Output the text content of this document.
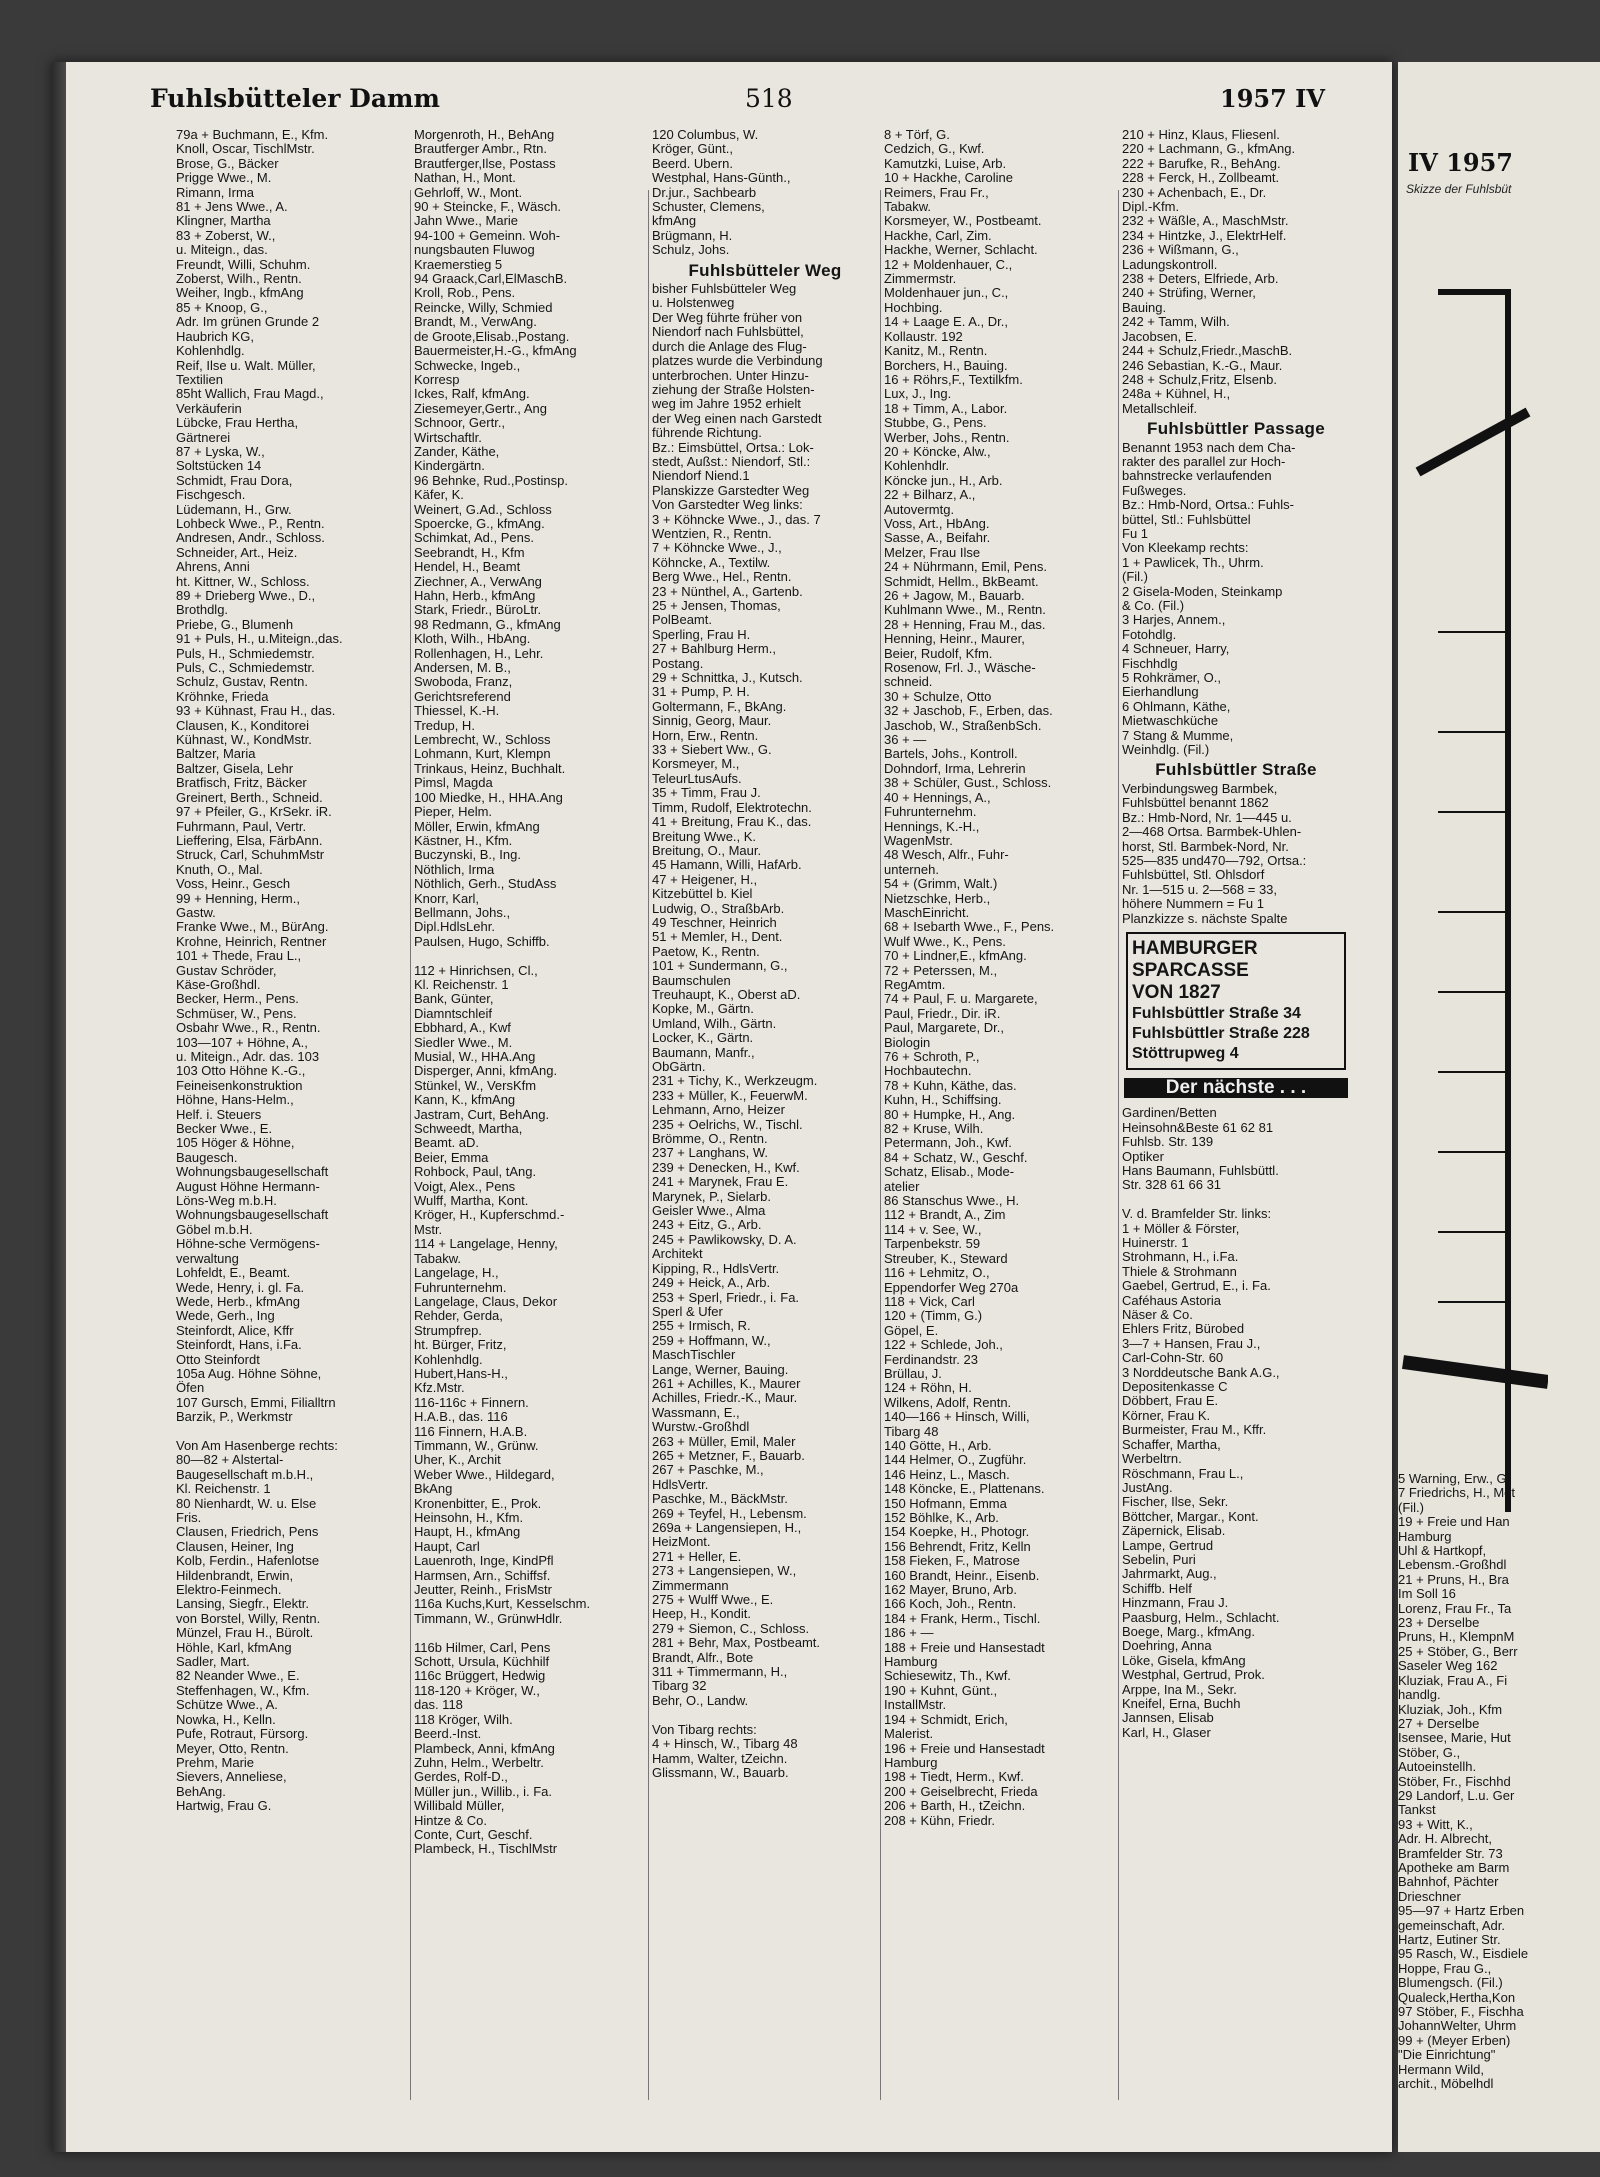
Fuhlsbütteler Damm	518	1957 IV

79a + Buchmann, E., Kfm.

Knoll, Oscar, TischlMstr.

Brose, G., Bäcker

Prigge Wwe., M.

Rimann, Irma

81 + Jens Wwe., A.

Klingner, Martha

83 + Zoberst, W.,

u. Miteign., das.

Freundt, Willi, Schuhm.

Zoberst, Wilh., Rentn.

Weiher, Ingb., kfmAng

85 + Knoop, G.,

Adr. Im grünen Grunde 2

Haubrich KG,

Kohlenhdlg.

Reif, Ilse u. Walt. Müller,

Textilien

85ht Wallich, Frau Magd.,

Verkäuferin

Lübcke, Frau Hertha,

Gärtnerei

87 + Lyska, W.,

Soltstücken 14

Schmidt, Frau Dora,

Fischgesch.

Lüdemann, H., Grw.

Lohbeck Wwe., P., Rentn.

Andresen, Andr., Schloss.

Schneider, Art., Heiz.

Ahrens, Anni

ht. Kittner, W., Schloss.

89 + Drieberg Wwe., D.,

Brothdlg.

Priebe, G., Blumenh

91 + Puls, H., u.Miteign.,das.

Puls, H., Schmiedemstr.

Puls, C., Schmiedemstr.

Schulz, Gustav, Rentn.

Kröhnke, Frieda

93 + Kühnast, Frau H., das.

Clausen, K., Konditorei

Kühnast, W., KondMstr.

Baltzer, Maria

Baltzer, Gisela, Lehr

Bratfisch, Fritz, Bäcker

Greinert, Berth., Schneid.

97 + Pfeiler, G., KrSekr. iR.

Fuhrmann, Paul, Vertr.

Lieffering, Elsa, FärbAnn.

Struck, Carl, SchuhmMstr

Knuth, O., Mal.

Voss, Heinr., Gesch

99 + Henning, Herm.,

Gastw.

Franke Wwe., M., BürAng.

Krohne, Heinrich, Rentner

101 + Thede, Frau L.,

Gustav Schröder,

Käse-Großhdl.

Becker, Herm., Pens.

Schmüser, W., Pens.

Osbahr Wwe., R., Rentn.

103—107 + Höhne, A.,

u. Miteign., Adr. das. 103

103 Otto Höhne K.-G.,

Feineisenkonstruktion

Höhne, Hans-Helm.,

Helf. i. Steuers

Becker Wwe., E.

105 Höger & Höhne,

Baugesch.

Wohnungsbaugesellschaft

August Höhne Hermann-

Löns-Weg m.b.H.

Wohnungsbaugesellschaft

Göbel m.b.H.

Höhne-sche Vermögens-

verwaltung

Lohfeldt, E., Beamt.

Wede, Henry, i. gl. Fa.

Wede, Herb., kfmAng

Wede, Gerh., Ing

Steinfordt, Alice, Kffr

Steinfordt, Hans, i.Fa.

Otto Steinfordt

105a Aug. Höhne Söhne,

Öfen

107 Gursch, Emmi, Filialltrn

Barzik, P., Werkmstr

Von Am Hasenberge rechts:

80—82 + Alstertal-

Baugesellschaft m.b.H.,

Kl. Reichenstr. 1

80 Nienhardt, W. u. Else

Fris.

Clausen, Friedrich, Pens

Clausen, Heiner, Ing

Kolb, Ferdin., Hafenlotse

Hildenbrandt, Erwin,

Elektro-Feinmech.

Lansing, Siegfr., Elektr.

von Borstel, Willy, Rentn.

Münzel, Frau H., Bürolt.

Höhle, Karl, kfmAng

Sadler, Mart.

82 Neander Wwe., E.

Steffenhagen, W., Kfm.

Schütze Wwe., A.

Nowka, H., Kelln.

Pufe, Rotraut, Fürsorg.

Meyer, Otto, Rentn.

Prehm, Marie

Sievers, Anneliese,

BehAng.

Hartwig, Frau G.

Morgenroth, H., BehAng

Brautferger Ambr., Rtn.

Brautferger,Ilse, Postass

Nathan, H., Mont.

Gehrloff, W., Mont.

90 + Steincke, F., Wäsch.

Jahn Wwe., Marie

94-100 + Gemeinn. Woh-

nungsbauten Fluwog

Kraemerstieg 5

94 Graack,Carl,ElMaschB.

Kroll, Rob., Pens.

Reincke, Willy, Schmied

Brandt, M., VerwAng.

de Groote,Elisab.,Postang.

Bauermeister,H.-G., kfmAng

Schwecke, Ingeb.,

Korresp

Ickes, Ralf, kfmAng.

Ziesemeyer,Gertr., Ang

Schnoor, Gertr.,

Wirtschaftlr.

Zander, Käthe,

Kindergärtn.

96 Behnke, Rud.,Postinsp.

Käfer, K.

Weinert, G.Ad., Schloss

Spoercke, G., kfmAng.

Schimkat, Ad., Pens.

Seebrandt, H., Kfm

Hendel, H., Beamt

Ziechner, A., VerwAng

Hahn, Herb., kfmAng

Stark, Friedr., BüroLtr.

98 Redmann, G., kfmAng

Kloth, Wilh., HbAng.

Rollenhagen, H., Lehr.

Andersen, M. B.,

Swoboda, Franz,

Gerichtsreferend

Thiessel, K.-H.

Tredup, H.

Lembrecht, W., Schloss

Lohmann, Kurt, Klempn

Trinkaus, Heinz, Buchhalt.

Pimsl, Magda

100 Miedke, H., HHA.Ang

Pieper, Helm.

Möller, Erwin, kfmAng

Kästner, H., Kfm.

Buczynski, B., Ing.

Nöthlich, Irma

Nöthlich, Gerh., StudAss

Knorr, Karl,

Bellmann, Johs.,

Dipl.HdlsLehr.

Paulsen, Hugo, Schiffb.

112 + Hinrichsen, Cl.,

Kl. Reichenstr. 1

Bank, Günter,

Diamntschleif

Ebbhard, A., Kwf

Siedler Wwe., M.

Musial, W., HHA.Ang

Disperger, Anni, kfmAng.

Stünkel, W., VersKfm

Kann, K., kfmAng

Jastram, Curt, BehAng.

Schweedt, Martha,

Beamt. aD.

Beier, Emma

Rohbock, Paul, tAng.

Voigt, Alex., Pens

Wulff, Martha, Kont.

Kröger, H., Kupferschmd.-

Mstr.

114 + Langelage, Henny,

Tabakw.

Langelage, H.,

Fuhrunternehm.

Langelage, Claus, Dekor

Rehder, Gerda,

Strumpfrep.

ht. Bürger, Fritz,

Kohlenhdlg.

Hubert,Hans-H.,

Kfz.Mstr.

116-116c + Finnern.

H.A.B., das. 116

116 Finnern, H.A.B.

Timmann, W., Grünw.

Uher, K., Archit

Weber Wwe., Hildegard,

BkAng

Kronenbitter, E., Prok.

Heinsohn, H., Kfm.

Haupt, H., kfmAng

Haupt, Carl

Lauenroth, Inge, KindPfl

Harmsen, Arn., Schiffsf.

Jeutter, Reinh., FrisMstr

116a Kuchs,Kurt, Kesselschm.

Timmann, W., GrünwHdlr.

116b Hilmer, Carl, Pens

Schott, Ursula, Küchhilf

116c Brüggert, Hedwig

118-120 + Kröger, W.,

das. 118

118 Kröger, Wilh.

Beerd.-Inst.

Plambeck, Anni, kfmAng

Zuhn, Helm., Werbeltr.

Gerdes, Rolf-D.,

Müller jun., Willib., i. Fa.

Willibald Müller,

Hintze & Co.

Conte, Curt, Geschf.

Plambeck, H., TischlMstr

120 Columbus, W.

Kröger, Günt.,

Beerd. Ubern.

Westphal, Hans-Günth.,

Dr.jur., Sachbearb

Schuster, Clemens,

kfmAng

Brügmann, H.

Schulz, Johs.

Fuhlsbütteler Weg

bisher Fuhlsbütteler Weg

u. Holstenweg

Der Weg führte früher von

Niendorf nach Fuhlsbüttel,

durch die Anlage des Flug-

platzes wurde die Verbindung

unterbrochen. Unter Hinzu-

ziehung der Straße Holsten-

weg im Jahre 1952 erhielt

der Weg einen nach Garstedt

führende Richtung.

Bz.: Eimsbüttel, Ortsa.: Lok-

stedt, Außst.: Niendorf, Stl.:

Niendorf Niend.1

Planskizze Garstedter Weg

Von Garstedter Weg links:

3 + Köhncke Wwe., J., das. 7

Wentzien, R., Rentn.

7 + Köhncke Wwe., J.,

Köhncke, A., Textilw.

Berg Wwe., Hel., Rentn.

23 + Nünthel, A., Gartenb.

25 + Jensen, Thomas,

PolBeamt.

Sperling, Frau H.

27 + Bahlburg Herm.,

Postang.

29 + Schnittka, J., Kutsch.

31 + Pump, P. H.

Goltermann, F., BkAng.

Sinnig, Georg, Maur.

Horn, Erw., Rentn.

33 + Siebert Ww., G.

Korsmeyer, M.,

TeleurLtusAufs.

35 + Timm, Frau J.

Timm, Rudolf, Elektrotechn.

41 + Breitung, Frau K., das.

Breitung Wwe., K.

Breitung, O., Maur.

45 Hamann, Willi, HafArb.

47 + Heigener, H.,

Kitzebüttel b. Kiel

Ludwig, O., StraßbArb.

49 Teschner, Heinrich

51 + Memler, H., Dent.

Paetow, K., Rentn.

101 + Sundermann, G.,

Baumschulen

Treuhaupt, K., Oberst aD.

Kopke, M., Gärtn.

Umland, Wilh., Gärtn.

Locker, K., Gärtn.

Baumann, Manfr.,

ObGärtn.

231 + Tichy, K., Werkzeugm.

233 + Müller, K., FeuerwM.

Lehmann, Arno, Heizer

235 + Oelrichs, W., Tischl.

Brömme, O., Rentn.

237 + Langhans, W.

239 + Denecken, H., Kwf.

241 + Marynek, Frau E.

Marynek, P., Sielarb.

Geisler Wwe., Alma

243 + Eitz, G., Arb.

245 + Pawlikowsky, D. A.

Architekt

Kipping, R., HdlsVertr.

249 + Heick, A., Arb.

253 + Sperl, Friedr., i. Fa.

Sperl & Ufer

255 + Irmisch, R.

259 + Hoffmann, W.,

MaschTischler

Lange, Werner, Bauing.

261 + Achilles, K., Maurer

Achilles, Friedr.-K., Maur.

Wassmann, E.,

Wurstw.-Großhdl

263 + Müller, Emil, Maler

265 + Metzner, F., Bauarb.

267 + Paschke, M.,

HdlsVertr.

Paschke, M., BäckMstr.

269 + Teyfel, H., Lebensm.

269a + Langensiepen, H.,

HeizMont.

271 + Heller, E.

273 + Langensiepen, W.,

Zimmermann

275 + Wulff Wwe., E.

Heep, H., Kondit.

279 + Siemon, C., Schloss.

281 + Behr, Max, Postbeamt.

Brandt, Alfr., Bote

311 + Timmermann, H.,

Tibarg 32

Behr, O., Landw.

Von Tibarg rechts:

4 + Hinsch, W., Tibarg 48

Hamm, Walter, tZeichn.

Glissmann, W., Bauarb.

8 + Törf, G.

Cedzich, G., Kwf.

Kamutzki, Luise, Arb.

10 + Hackhe, Caroline

Reimers, Frau Fr.,

Tabakw.

Korsmeyer, W., Postbeamt.

Hackhe, Carl, Zim.

Hackhe, Werner, Schlacht.

12 + Moldenhauer, C.,

Zimmermstr.

Moldenhauer jun., C.,

Hochbing.

14 + Laage E. A., Dr.,

Kollaustr. 192

Kanitz, M., Rentn.

Borchers, H., Bauing.

16 + Röhrs,F., Textilkfm.

Lux, J., Ing.

18 + Timm, A., Labor.

Stubbe, G., Pens.

Werber, Johs., Rentn.

20 + Köncke, Alw.,

Kohlenhdlr.

Köncke jun., H., Arb.

22 + Bilharz, A.,

Autovermtg.

Voss, Art., HbAng.

Sasse, A., Beifahr.

Melzer, Frau Ilse

24 + Nührmann, Emil, Pens.

Schmidt, Hellm., BkBeamt.

26 + Jagow, M., Bauarb.

Kuhlmann Wwe., M., Rentn.

28 + Henning, Frau M., das.

Henning, Heinr., Maurer,

Beier, Rudolf, Kfm.

Rosenow, Frl. J., Wäsche-

schneid.

30 + Schulze, Otto

32 + Jaschob, F., Erben, das.

Jaschob, W., StraßenbSch.

36 + —

Bartels, Johs., Kontroll.

Dohndorf, Irma, Lehrerin

38 + Schüler, Gust., Schloss.

40 + Hennings, A.,

Fuhrunternehm.

Hennings, K.-H.,

WagenMstr.

48 Wesch, Alfr., Fuhr-

unterneh.

54 + (Grimm, Walt.)

Nietzschke, Herb.,

MaschEinricht.

68 + Isebarth Wwe., F., Pens.

Wulf Wwe., K., Pens.

70 + Lindner,E., kfmAng.

72 + Peterssen, M.,

RegAmtm.

74 + Paul, F. u. Margarete,

Paul, Friedr., Dir. iR.

Paul, Margarete, Dr.,

Biologin

76 + Schroth, P.,

Hochbautechn.

78 + Kuhn, Käthe, das.

Kuhn, H., Schiffsing.

80 + Humpke, H., Ang.

82 + Kruse, Wilh.

Petermann, Joh., Kwf.

84 + Schatz, W., Geschf.

Schatz, Elisab., Mode-

atelier

86 Stanschus Wwe., H.

112 + Brandt, A., Zim

114 + v. See, W.,

Tarpenbekstr. 59

Streuber, K., Steward

116 + Lehmitz, O.,

Eppendorfer Weg 270a

118 + Vick, Carl

120 + (Timm, G.)

Göpel, E.

122 + Schlede, Joh.,

Ferdinandstr. 23

Brüllau, J.

124 + Röhn, H.

Wilkens, Adolf, Rentn.

140—166 + Hinsch, Willi,

Tibarg 48

140 Götte, H., Arb.

144 Helmer, O., Zugführ.

146 Heinz, L., Masch.

148 Köncke, E., Plattenans.

150 Hofmann, Emma

152 Böhlke, K., Arb.

154 Koepke, H., Photogr.

156 Behrendt, Fritz, Kelln

158 Fieken, F., Matrose

160 Brandt, Heinr., Eisenb.

162 Mayer, Bruno, Arb.

166 Koch, Joh., Rentn.

184 + Frank, Herm., Tischl.

186 + —

188 + Freie und Hansestadt

Hamburg

Schiesewitz, Th., Kwf.

190 + Kuhnt, Günt.,

InstallMstr.

194 + Schmidt, Erich,

Malerist.

196 + Freie und Hansestadt

Hamburg

198 + Tiedt, Herm., Kwf.

200 + Geiselbrecht, Frieda

206 + Barth, H., tZeichn.

208 + Kühn, Friedr.

210 + Hinz, Klaus, Fliesenl.

220 + Lachmann, G., kfmAng.

222 + Barufke, R., BehAng.

228 + Ferck, H., Zollbeamt.

230 + Achenbach, E., Dr.

Dipl.-Kfm.

232 + Wäßle, A., MaschMstr.

234 + Hintzke, J., ElektrHelf.

236 + Wißmann, G.,

Ladungskontroll.

238 + Deters, Elfriede, Arb.

240 + Strüfing, Werner,

Bauing.

242 + Tamm, Wilh.

Jacobsen, E.

244 + Schulz,Friedr.,MaschB.

246 Sebastian, K.-G., Maur.

248 + Schulz,Fritz, Elsenb.

248a + Kühnel, H.,

Metallschleif.

Fuhlsbüttler Passage

Benannt 1953 nach dem Cha-

rakter des parallel zur Hoch-

bahnstrecke verlaufenden

Fußweges.

Bz.: Hmb-Nord, Ortsa.: Fuhls-

büttel, Stl.: Fuhlsbüttel

Fu 1

Von Kleekamp rechts:

1 + Pawlicek, Th., Uhrm.

(Fil.)

2 Gisela-Moden, Steinkamp

& Co. (Fil.)

3 Harjes, Annem.,

Fotohdlg.

4 Schneuer, Harry,

Fischhdlg

5 Rohkrämer, O.,

Eierhandlung

6 Ohlmann, Käthe,

Mietwaschküche

7 Stang & Mumme,

Weinhdlg. (Fil.)

Fuhlsbüttler Straße

Verbindungsweg Barmbek,

Fuhlsbüttel benannt 1862

Bz.: Hmb-Nord, Nr. 1—445 u.

2—468 Ortsa. Barmbek-Uhlen-

horst, Stl. Barmbek-Nord, Nr.

525—835 und470—792, Ortsa.:

Fuhlsbüttel, Stl. Ohlsdorf

Nr. 1—515 u. 2—568 = 33,

höhere Nummern = Fu 1

Planzkizze s. nächste Spalte

HAMBURGER
SPARCASSE
VON 1827
Fuhlsbüttler Straße 34
Fuhlsbüttler Straße 228
Stöttrupweg 4
Der nächste . . .

Gardinen/Betten

Heinsohn&Beste 61 62 81

Fuhlsb. Str. 139

Optiker

Hans Baumann, Fuhlsbüttl.

Str. 328 61 66 31

V. d. Bramfelder Str. links:

1 + Möller & Förster,

Huinerstr. 1

Strohmann, H., i.Fa.

Thiele & Strohmann

Gaebel, Gertrud, E., i. Fa.

Caféhaus Astoria

Näser & Co.

Ehlers Fritz, Bürobed

3—7 + Hansen, Frau J.,

Carl-Cohn-Str. 60

3 Norddeutsche Bank A.G.,

Depositenkasse C

Döbbert, Frau E.

Körner, Frau K.

Burmeister, Frau M., Kffr.

Schaffer, Martha,

Werbeltrn.

Röschmann, Frau L.,

JustAng.

Fischer, Ilse, Sekr.

Böttcher, Margar., Kont.

Zäpernick, Elisab.

Lampe, Gertrud

Sebelin, Puri

Jahrmarkt, Aug.,

Schiffb. Helf

Hinzmann, Frau J.

Paasburg, Helm., Schlacht.

Boege, Marg., kfmAng.

Doehring, Anna

Löke, Gisela, kfmAng

Westphal, Gertrud, Prok.

Arppe, Ina M., Sekr.

Kneifel, Erna, Buchh

Jannsen, Elisab

Karl, H., Glaser

IV 1957
Skizze der Fuhlsbüt

5 Warning, Erw., G

7 Friedrichs, H., Mot

(Fil.)

19 + Freie und Han

Hamburg

Uhl & Hartkopf,

Lebensm.-Großhdl

21 + Pruns, H., Bra

Im Soll 16

Lorenz, Frau Fr., Ta

23 + Derselbe

Pruns, H., KlempnM

25 + Stöber, G., Berr

Saseler Weg 162

Kluziak, Frau A., Fi

handlg.

Kluziak, Joh., Kfm

27 + Derselbe

Isensee, Marie, Hut

Stöber, G.,

Autoeinstellh.

Stöber, Fr., Fischhd

29 Landorf, L.u. Ger

Tankst

93 + Witt, K.,

Adr. H. Albrecht,

Bramfelder Str. 73

Apotheke am Barm

Bahnhof, Pächter

Drieschner

95—97 + Hartz Erben

gemeinschaft, Adr.

Hartz, Eutiner Str.

95 Rasch, W., Eisdiele

Hoppe, Frau G.,

Blumengsch. (Fil.)

Qualeck,Hertha,Kon

97 Stöber, F., Fischha

JohannWelter, Uhrm

99 + (Meyer Erben)

"Die Einrichtung"

Hermann Wild,

archit., Möbelhdl
